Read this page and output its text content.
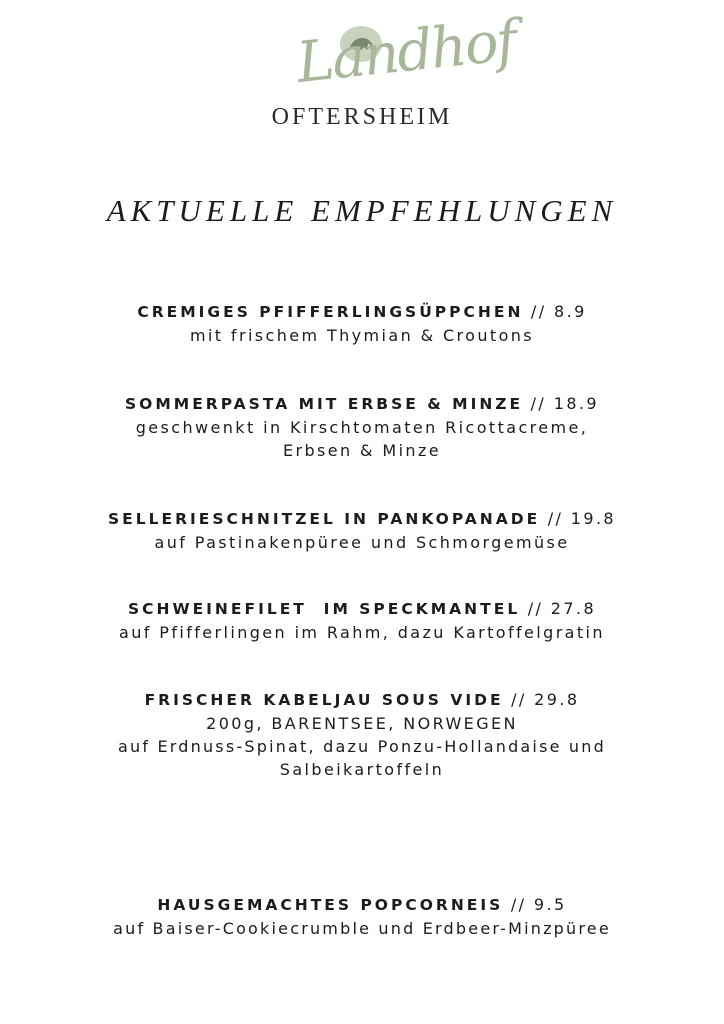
Landhof
OFTERSHEIM
AKTUELLE EMPFEHLUNGEN
CREMIGES PFIFFERLINGSÜPPCHEN // 8.9
mit frischem Thymian & Croutons
SOMMERPASTA MIT ERBSE & MINZE // 18.9
geschwenkt in Kirschtomaten Ricottacreme,
Erbsen & Minze
SELLERIESCHNITZEL IN PANKOPANADE // 19.8
auf Pastinakenpüree und Schmorgemüse
SCHWEINEFILET  IM SPECKMANTEL // 27.8
auf Pfifferlingen im Rahm, dazu Kartoffelgratin
FRISCHER KABELJAU SOUS VIDE // 29.8
200g, BARENTSEE, NORWEGEN
auf Erdnuss-Spinat, dazu Ponzu-Hollandaise und
Salbeikartoffeln
HAUSGEMACHTES POPCORNEIS // 9.5
auf Baiser-Cookiecrumble und Erdbeer-Minzpüree
